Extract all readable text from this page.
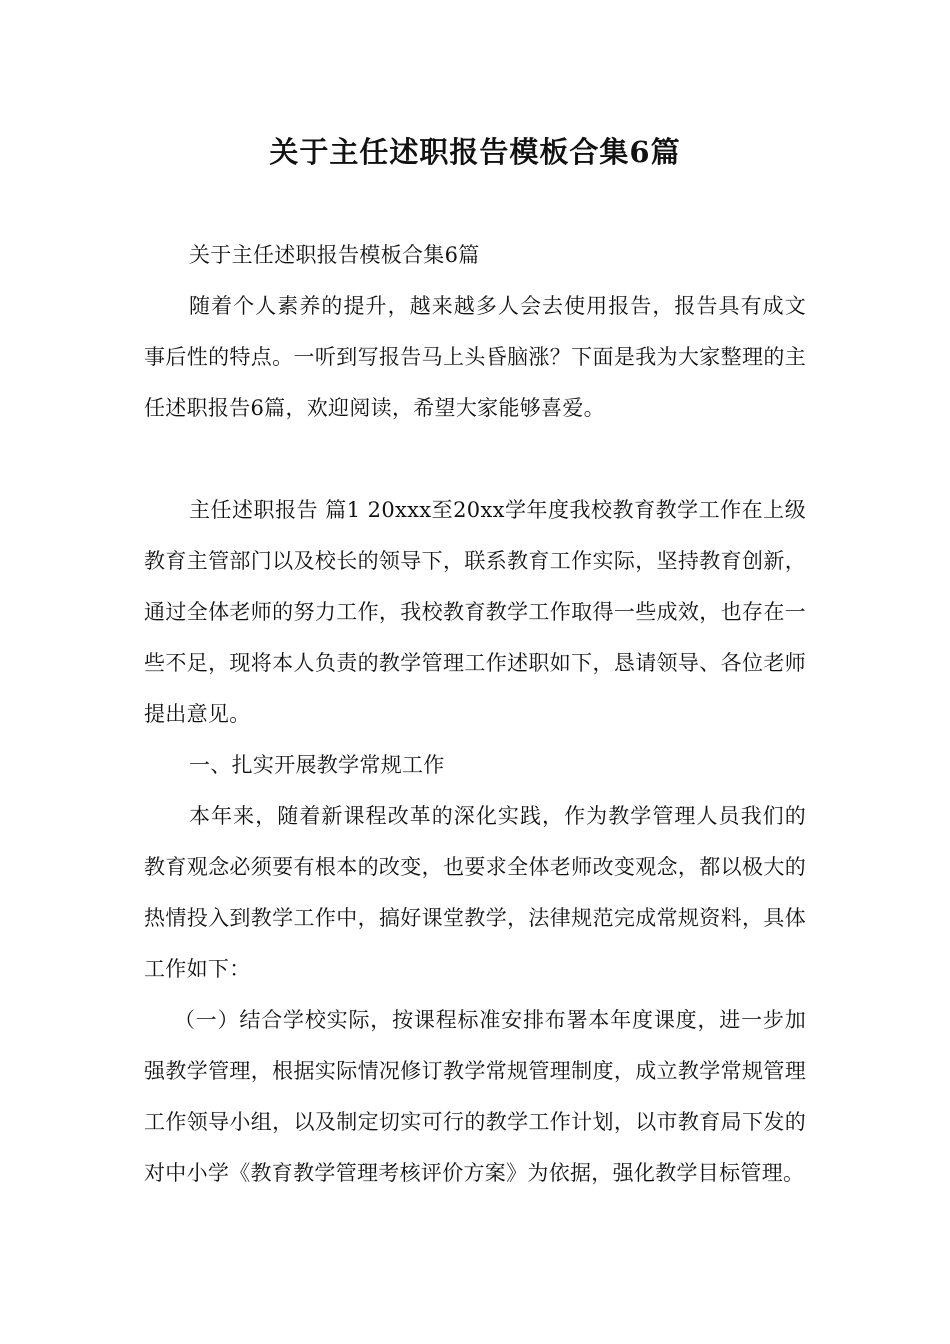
关于主任述职报告模板合集6篇

关于主任述职报告模板合集6篇

随着个人素养的提升，越来越多人会去使用报告，报告具有成文事后性的特点。一听到写报告马上头昏脑涨？下面是我为大家整理的主任述职报告6篇，欢迎阅读，希望大家能够喜爱。

主任述职报告 篇1 20xxx至20xx学年度我校教育教学工作在上级教育主管部门以及校长的领导下，联系教育工作实际，坚持教育创新，通过全体老师的努力工作，我校教育教学工作取得一些成效，也存在一些不足，现将本人负责的教学管理工作述职如下，恳请领导、各位老师提出意见。

一、扎实开展教学常规工作

本年来，随着新课程改革的深化实践，作为教学管理人员我们的教育观念必须要有根本的改变，也要求全体老师改变观念，都以极大的热情投入到教学工作中，搞好课堂教学，法律规范完成常规资料，具体工作如下：

（一）结合学校实际，按课程标准安排布署本年度课度，进一步加强教学管理，根据实际情况修订教学常规管理制度，成立教学常规管理工作领导小组，以及制定切实可行的教学工作计划，以市教育局下发的对中小学《教育教学管理考核评价方案》为依据，强化教学目标管理。
